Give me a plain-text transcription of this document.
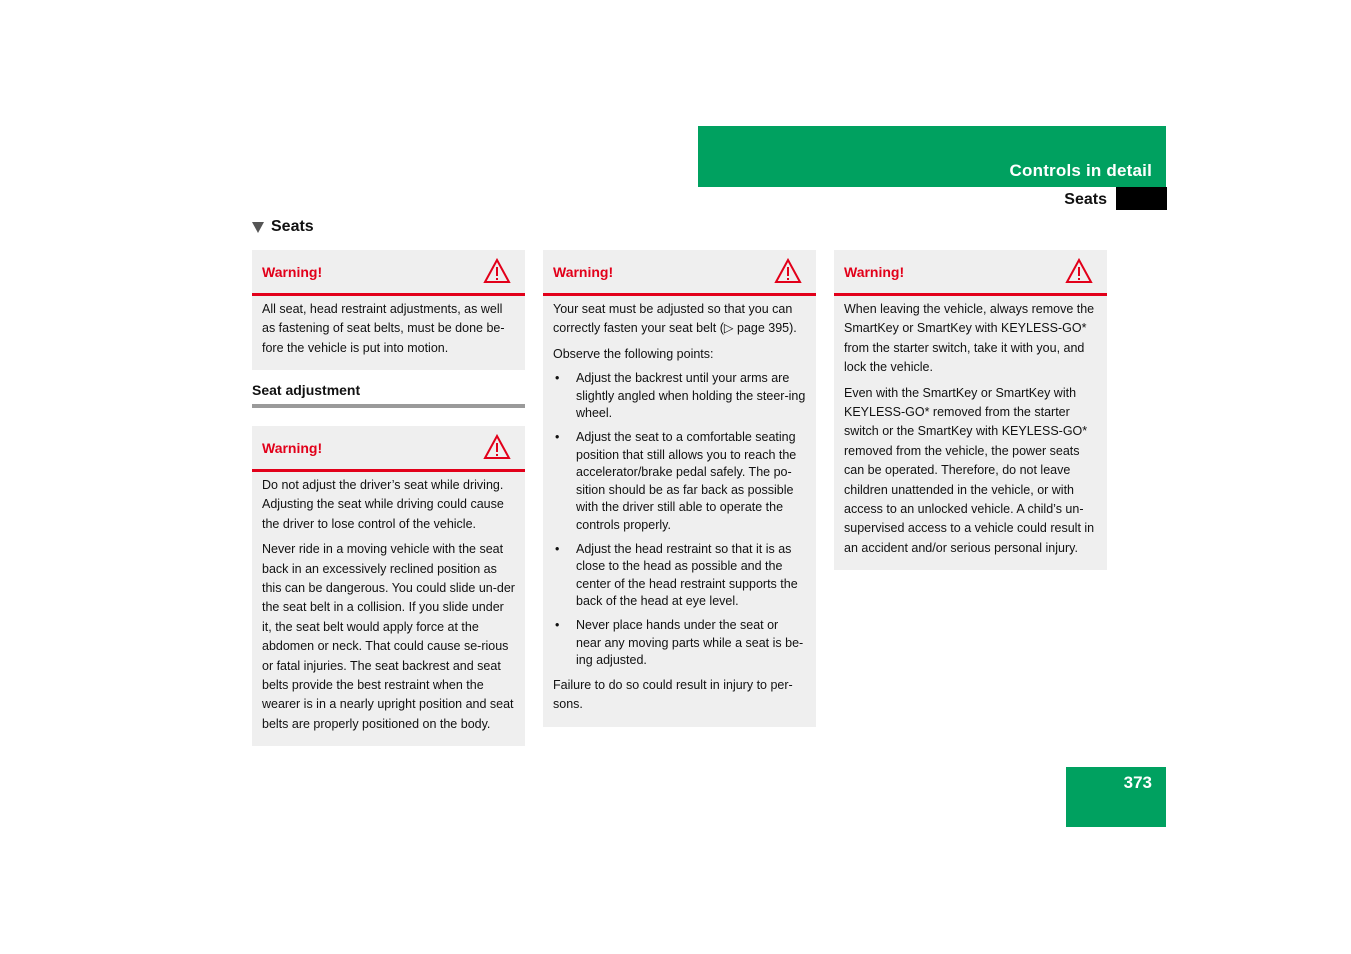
Controls in detail
Seats
Seats
Warning!

All seat, head restraint adjustments, as well as fastening of seat belts, must be done be-fore the vehicle is put into motion.

Seat adjustment
Warning!

Do not adjust the driver’s seat while driving. Adjusting the seat while driving could cause the driver to lose control of the vehicle.

Never ride in a moving vehicle with the seat back in an excessively reclined position as this can be dangerous. You could slide un-der the seat belt in a collision. If you slide under it, the seat belt would apply force at the abdomen or neck. That could cause se-rious or fatal injuries. The seat backrest and seat belts provide the best restraint when the wearer is in a nearly upright position and seat belts are properly positioned on the body.

Warning!

Your seat must be adjusted so that you can correctly fasten your seat belt (▷ page 395).

Observe the following points:

• Adjust the backrest until your arms are slightly angled when holding the steer-ing wheel.
• Adjust the seat to a comfortable seating position that still allows you to reach the accelerator/brake pedal safely. The po-sition should be as far back as possible with the driver still able to operate the controls properly.
• Adjust the head restraint so that it is as close to the head as possible and the center of the head restraint supports the back of the head at eye level.
• Never place hands under the seat or near any moving parts while a seat is be-ing adjusted.

Failure to do so could result in injury to per-sons.

Warning!

When leaving the vehicle, always remove the SmartKey or SmartKey with KEYLESS-GO* from the starter switch, take it with you, and lock the vehicle.

Even with the SmartKey or SmartKey with KEYLESS-GO* removed from the starter switch or the SmartKey with KEYLESS-GO* removed from the vehicle, the power seats can be operated. Therefore, do not leave children unattended in the vehicle, or with access to an unlocked vehicle. A child’s un-supervised access to a vehicle could result in an accident and/or serious personal injury.

373
